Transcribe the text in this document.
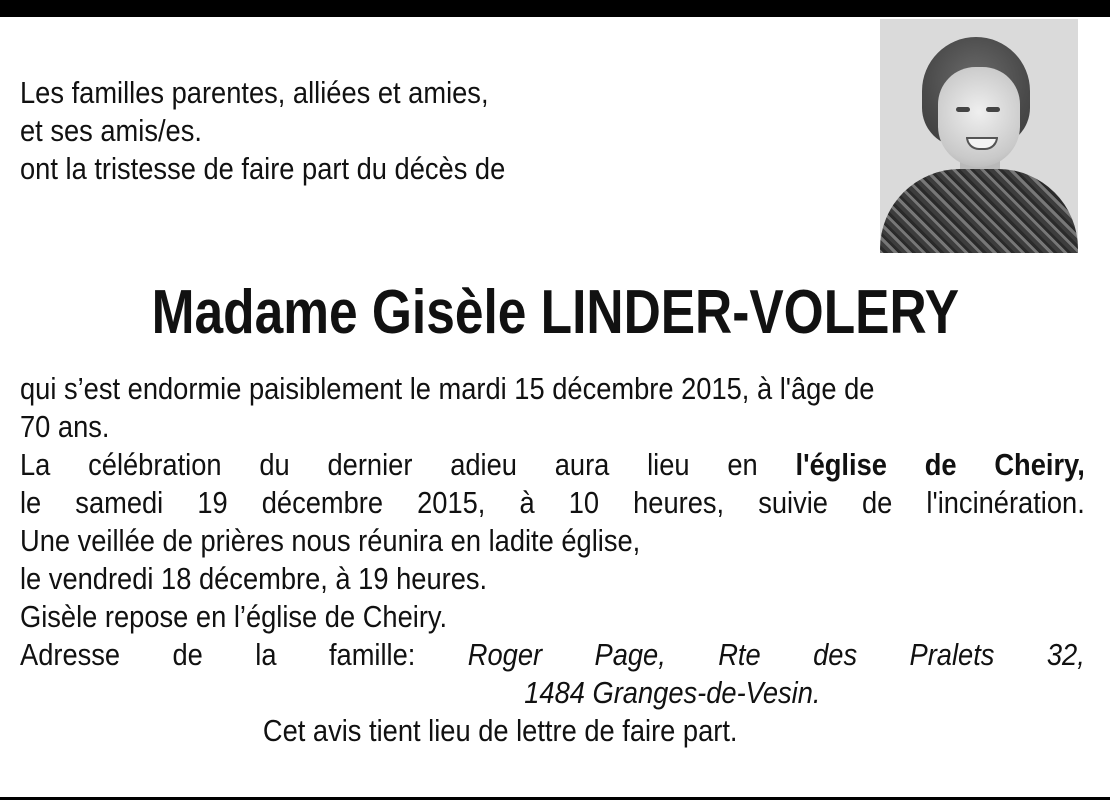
Les familles parentes, alliées et amies,
et ses amis/es.
ont la tristesse de faire part du décès de
Madame Gisèle LINDER-VOLERY
qui s’est endormie paisiblement le mardi 15 décembre 2015, à l'âge de
70 ans.
La célébration du dernier adieu aura lieu en l'église de Cheiry,
le samedi 19 décembre 2015, à 10 heures, suivie de l'incinération.
Une veillée de prières nous réunira en ladite église,
le vendredi 18 décembre, à 19 heures.
Gisèle repose en l’église de Cheiry.
Adresse de la famille: Roger Page, Rte des Pralets 32,
1484 Granges-de-Vesin.
Cet avis tient lieu de lettre de faire part.
